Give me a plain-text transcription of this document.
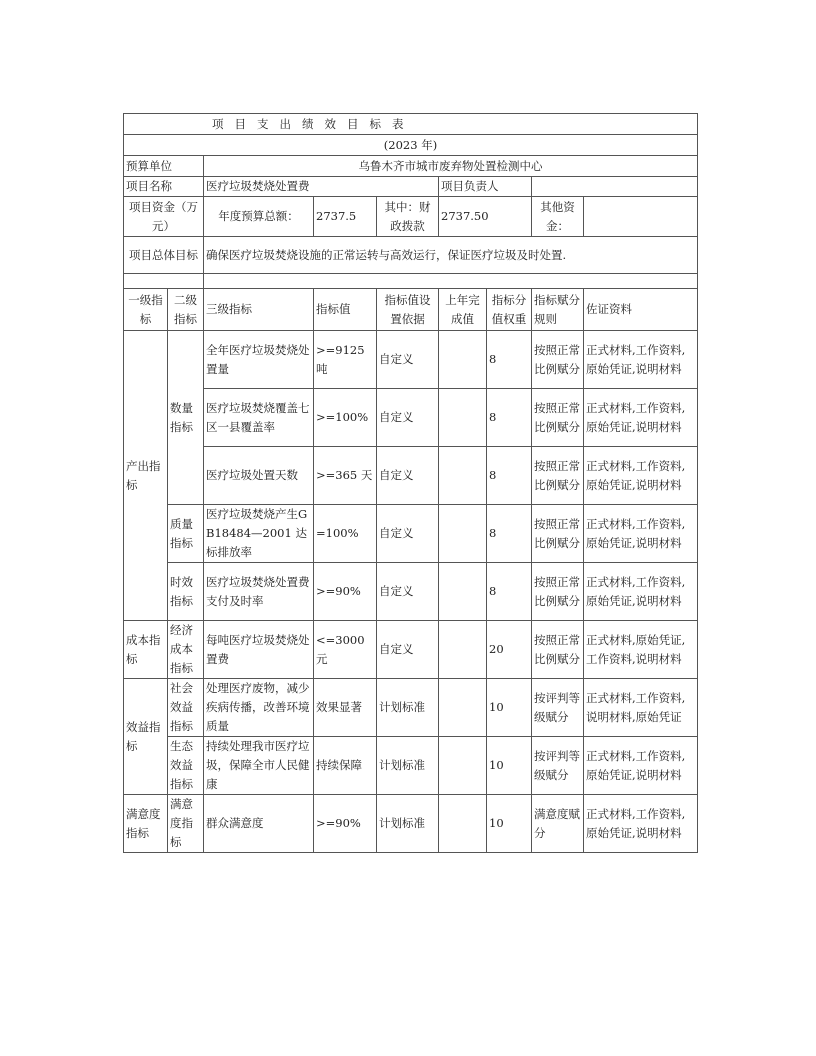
项目支出绩效目标表								
(2023 年)								
预算单位		乌鲁木齐市城市废弃物处置检测中心						
项目名称		医疗垃圾焚烧处置费			项目负责人			
项目资金（万元）		年度预算总额：	2737.5	其中：财政拨款	2737.50		其他资金：	
项目总体目标		确保医疗垃圾焚烧设施的正常运转与高效运行，保证医疗垃圾及时处置.						

一级指标	二级指标	三级指标	指标值	指标值设置依据	上年完成值	指标分值权重	指标赋分规则	佐证资料
产出指标	数量指标	全年医疗垃圾焚烧处置量	>=9125 吨	自定义		8	按照正常比例赋分	正式材料,工作资料,原始凭证,说明材料
		医疗垃圾焚烧覆盖七区一县覆盖率	>=100%	自定义		8	按照正常比例赋分	正式材料,工作资料,原始凭证,说明材料
		医疗垃圾处置天数	>=365 天	自定义		8	按照正常比例赋分	正式材料,工作资料,原始凭证,说明材料
	质量指标	医疗垃圾焚烧产生GB18484—2001 达标排放率	=100%	自定义		8	按照正常比例赋分	正式材料,工作资料,原始凭证,说明材料
	时效指标	医疗垃圾焚烧处置费支付及时率	>=90%	自定义		8	按照正常比例赋分	正式材料,工作资料,原始凭证,说明材料
成本指标	经济成本指标	每吨医疗垃圾焚烧处置费	<=3000 元	自定义		20	按照正常比例赋分	正式材料,原始凭证,工作资料,说明材料
效益指标	社会效益指标	处理医疗废物，减少疾病传播，改善环境质量	效果显著	计划标准		10	按评判等级赋分	正式材料,工作资料,说明材料,原始凭证
	生态效益指标	持续处理我市医疗垃圾，保障全市人民健康	持续保障	计划标准		10	按评判等级赋分	正式材料,工作资料,原始凭证,说明材料
满意度指标	满意度指标	群众满意度	>=90%	计划标准		10	满意度赋分	正式材料,工作资料,原始凭证,说明材料
